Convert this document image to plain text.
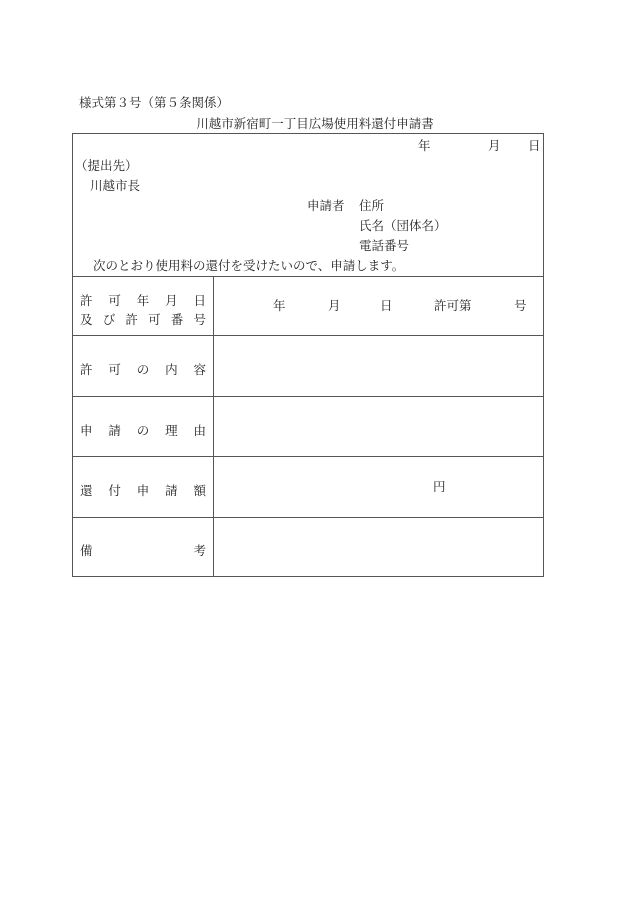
様式第３号（第５条関係）
川越市新宿町一丁目広場使用料還付申請書
年	月 日
（提出先）
川越市長
申請者 住所
氏名（団体名）
電話番号
次のとおり使用料の還付を受けたいので、申請します。
許 可 年 月 日
及 び 許 可 番 号
年	月	日	許可第	号
許 可 の 内 容
申 請 の 理 由
還 付 申 請 額	円
備	考
